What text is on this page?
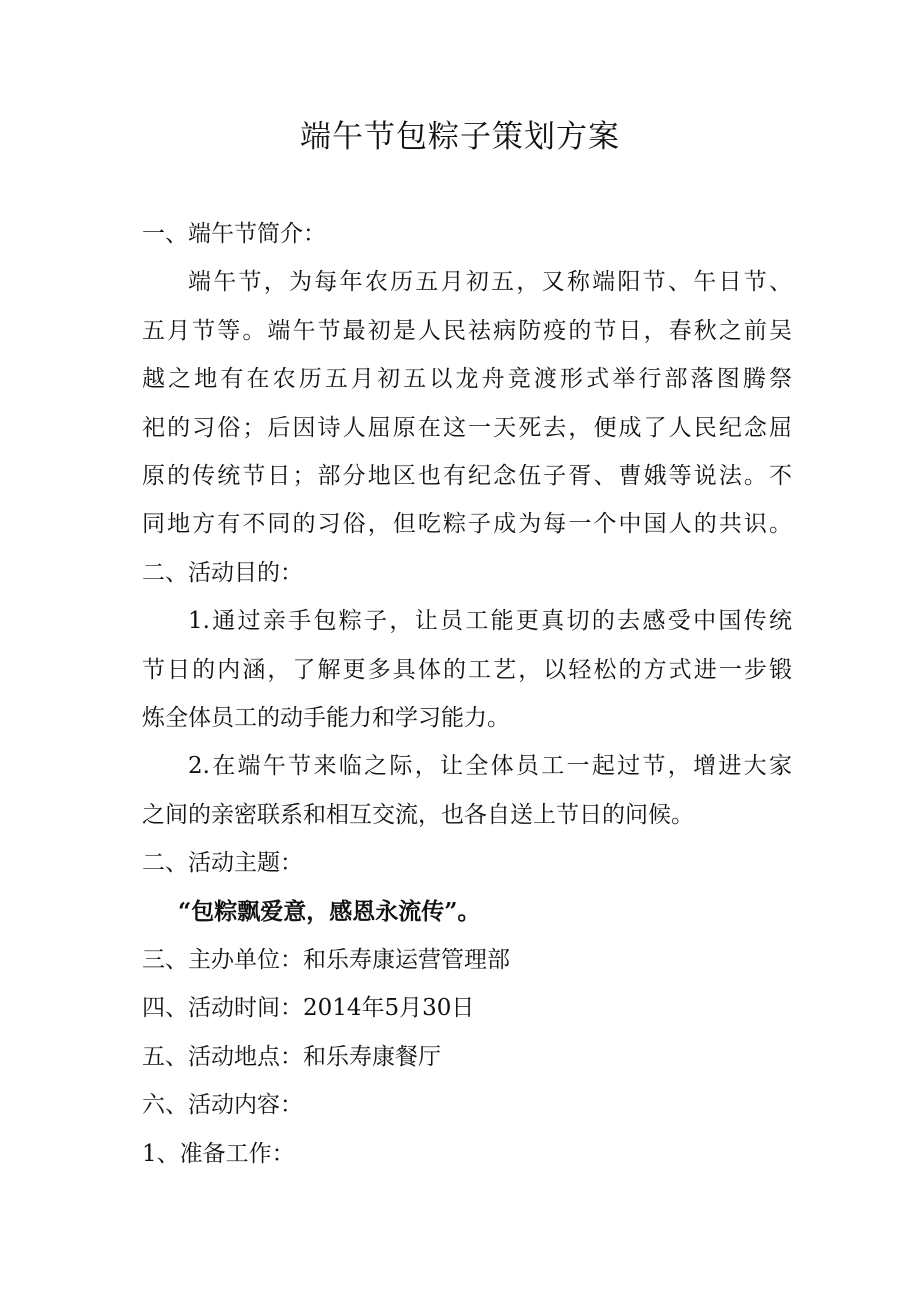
端午节包粽子策划方案

一、端午节简介：

端午节，为每年农历五月初五，又称端阳节、午日节、

五月节等。端午节最初是人民祛病防疫的节日，春秋之前吴

越之地有在农历五月初五以龙舟竞渡形式举行部落图腾祭

祀的习俗；后因诗人屈原在这一天死去，便成了人民纪念屈

原的传统节日；部分地区也有纪念伍子胥、曹娥等说法。不

同地方有不同的习俗，但吃粽子成为每一个中国人的共识。

二、活动目的：

1.通过亲手包粽子，让员工能更真切的去感受中国传统

节日的内涵，了解更多具体的工艺，以轻松的方式进一步锻

炼全体员工的动手能力和学习能力。

2.在端午节来临之际，让全体员工一起过节，增进大家

之间的亲密联系和相互交流，也各自送上节日的问候。

二、活动主题：

“包粽飘爱意，感恩永流传”。

三、主办单位：和乐寿康运营管理部

四、活动时间：2014年5月30日

五、活动地点：和乐寿康餐厅

六、活动内容：

1、准备工作：
